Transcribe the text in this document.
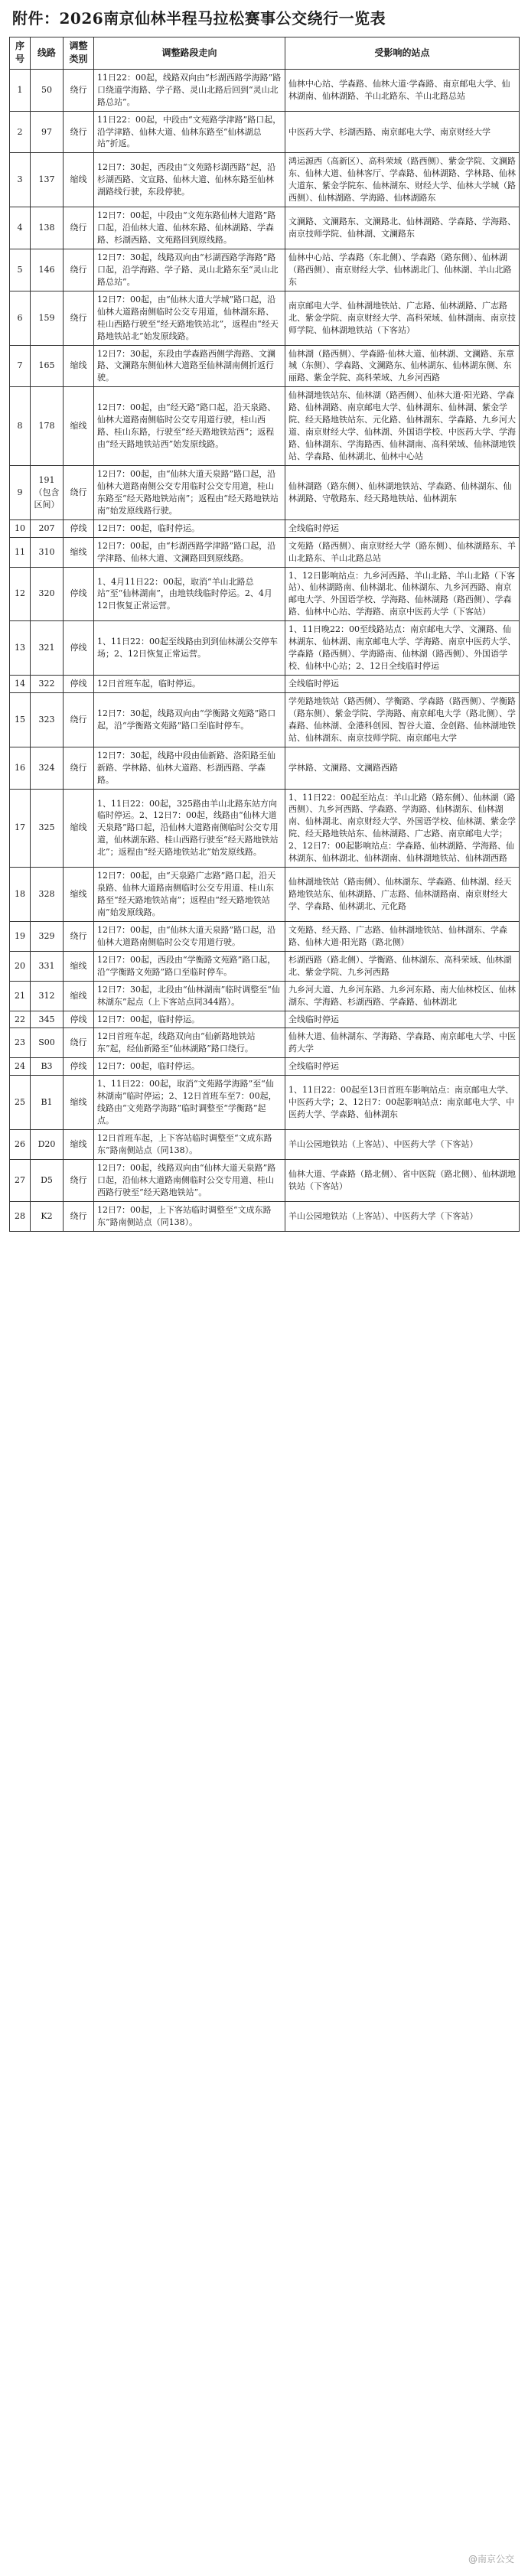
附件：2026南京仙林半程马拉松赛事公交绕行一览表
序号	线路	调整类别	调整路段走向	受影响的站点
1	50	绕行	11日22：00起，线路双向由“杉湖西路学海路”路口绕道学海路、学子路、灵山北路后回到“灵山北路总站”。	仙林中心站、学森路、仙林大道·学森路、南京邮电大学、仙林湖南、仙林湖路、羊山北路东、羊山北路总站
2	97	绕行	11日22：00起，中段由“文苑路学津路”路口起，沿学津路、仙林大道、仙林东路至“仙林湖总站”折返。	中医药大学、杉湖西路、南京邮电大学、南京财经大学
3	137	缩线	12日7：30起，西段由“文苑路杉湖西路”起，沿杉湖西路、文宣路、仙林大道、仙林东路至仙林湖路线行驶，东段停驶。	鸿运源西（高新区）、高科荣域（路西侧）、紫金学院、文澜路东、仙林大道、仙林客厅、学森路、仙林湖路、学林路、仙林大道东、紫金学院东、仙林湖东、财经大学、仙林大学城（路西侧）、仙林湖路、学海路、仙林湖路东
4	138	绕行	12日7：00起，中段由“文苑东路仙林大道路”路口起，沿仙林大道、仙林东路、仙林湖路、学森路、杉湖西路、文苑路回到原线路。	文澜路、文澜路东、文澜路北、仙林湖路、学森路、学海路、南京技师学院、仙林湖、文澜路东
5	146	绕行	12日7：30起，线路双向由“杉湖西路学海路”路口起，沿学海路、学子路、灵山北路东至“灵山北路总站”。	仙林中心站、学森路（东北侧）、学森路（路东侧）、仙林湖（路西侧）、南京财经大学、仙林湖北门、仙林湖、羊山北路东
6	159	绕行	12日7：00起，由“仙林大道大学城”路口起，沿仙林大道路南侧临时公交专用道，仙林湖东路、桂山西路行驶至“经天路地铁站北”，返程由“经天路地铁站北”始发原线路。	南京邮电大学、仙林湖地铁站、广志路、仙林湖路、广志路北、紫金学院、南京财经大学、高科荣域、仙林湖南、南京技师学院、仙林湖地铁站（下客站）
7	165	缩线	12日7：30起，东段由学森路西侧学海路、文澜路、文澜路东侧仙林大道路至仙林湖南侧折返行驶。	仙林湖（路西侧）、学森路·仙林大道、仙林湖、文澜路、东章城（东侧）、学森路、文澜路东、仙林湖东、仙林湖东侧、东丽路、紫金学院、高科荣域、九乡河西路
8	178	缩线	12日7：00起，由“经天路”路口起，沿天泉路、仙林大道路南侧临时公交专用道行驶，桂山西路、桂山东路，行驶至“经天路地铁站西”；返程由“经天路地铁站西”始发原线路。	仙林湖地铁站东、仙林湖（路西侧）、仙林大道·阳光路、学森路、仙林湖路、南京邮电大学、仙林湖东、仙林湖、紫金学院、经天路地铁站东、元化路、仙林湖东、学森路、九乡河大道、南京财经大学、仙林湖、外国语学校、中医药大学、学海路、仙林湖东、学海路西、仙林湖南、高科荣域、仙林湖地铁站、学森路、仙林湖北、仙林中心站
9	191（包含区间）	绕行	12日7：00起，由“仙林大道天泉路”路口起，沿仙林大道路南侧公交专用临时公交专用道，桂山东路至“经天路地铁站南”；返程由“经天路地铁站南”始发原线路行驶。	仙林湖路（路东侧）、仙林湖地铁站、学森路、仙林湖东、仙林湖路、守敬路东、经天路地铁站、仙林湖东
10	207	停线	12日7：00起，临时停运。	全线临时停运
11	310	缩线	12日7：00起，由“杉湖西路学津路”路口起，沿学津路、仙林大道、文澜路回到原线路。	文苑路（路西侧）、南京财经大学（路东侧）、仙林湖路东、羊山北路东、羊山北路总站
12	320	停线	1、4月11日22：00起，取消“羊山北路总站”至“仙林湖南”，由地铁线临时停运。2、4月12日恢复正常运营。	1、12日影响站点：九乡河西路、羊山北路、羊山北路（下客站）、仙林湖路南、仙林湖北、仙林湖东、九乡河西路、南京邮电大学、外国语学校、学海路、仙林湖路（路西侧）、学森路、仙林中心站、学海路、南京中医药大学（下客站）
13	321	停线	1、11日22：00起至线路由到到仙林湖公交停车场；2、12日恢复正常运营。	1、11日晚22：00至线路站点：南京邮电大学、文澜路、仙林湖东、仙林湖、南京邮电大学、学海路、南京中医药大学、学森路（路西侧）、学海路南、仙林湖（路西侧）、外国语学校、仙林中心站；2、12日全线临时停运
14	322	停线	12日首班车起，临时停运。	全线临时停运
15	323	绕行	12日7：30起，线路双向由“学衡路文苑路”路口起，沿“学衡路文苑路”路口至临时停车。	学苑路地铁站（路西侧）、学衡路、学森路（路西侧）、学衡路（路东侧）、紫金学院、学海路、南京邮电大学（路北侧）、学森路、仙林湖、金港科创园、智谷大道、金创路、仙林湖地铁站、仙林湖东、南京技师学院、南京邮电大学
16	324	绕行	12日7：30起，线路中段由仙新路、洛阳路至仙新路、学林路、仙林大道路、杉湖西路、学森路。	学林路、文澜路、文澜路西路
17	325	缩线	1、11日22：00起，325路由羊山北路东站方向临时停运。2、12日7：00起，线路由“仙林大道天泉路”路口起，沿仙林大道路南侧临时公交专用道，仙林湖东路、桂山西路行驶至“经天路地铁站北”；返程由“经天路地铁站北”始发原线路。	1、11日22：00起至站点：羊山北路（路东侧）、仙林湖（路西侧）、九乡河西路、学森路、学海路、仙林湖东、仙林湖南、仙林湖北、南京财经大学、外国语学校、仙林湖、紫金学院、经天路地铁站东、仙林湖路、广志路、南京邮电大学；2、12日7：00起影响站点：学森路、仙林湖路、学海路、仙林湖东、仙林湖北、仙林湖南、仙林湖地铁站、仙林湖西路
18	328	缩线	12日7：00起，由“天泉路广志路”路口起，沿天泉路、仙林大道路南侧临时公交专用道、桂山东路至“经天路地铁站南”；返程由“经天路地铁站南”始发原线路。	仙林湖地铁站（路南侧）、仙林湖东、学森路、仙林湖、经天路地铁站东、仙林湖路、广志路、仙林湖路南、南京财经大学、学森路、仙林湖北、元化路
19	329	绕行	12日7：00起，由“仙林大道天泉路”路口起，沿仙林大道路南侧临时公交专用道行驶。	文苑路、经天路、广志路、仙林湖地铁站、仙林湖东、学森路、仙林大道·阳光路（路北侧）
20	331	缩线	12日7：00起，西段由“学衡路文苑路”路口起，沿“学衡路文苑路”路口至临时停车。	杉湖西路（路北侧）、学衡路、仙林湖东、高科荣域、仙林湖北、紫金学院、九乡河西路
21	312	缩线	12日7：30起，北段由“仙林湖南”临时调整至“仙林湖东”起点（上下客站点同344路）。	九乡河大道、九乡河东路、九乡河东路、南大仙林校区、仙林湖东、学海路、杉湖西路、学森路、仙林湖北
22	345	停线	12日7：00起，临时停运。	全线临时停运
23	S00	绕行	12日首班车起，线路双向由“仙新路地铁站东”起，经仙新路至“仙林湖路”路口绕行。	仙林大道、仙林湖东、学海路、学森路、南京邮电大学、中医药大学
24	B3	停线	12日7：00起，临时停运。	全线临时停运
25	B1	缩线	1、11日22：00起，取消“文苑路学海路”至“仙林湖南”临时停运；2、12日首班车至7：00起，线路由“文苑路学海路”临时调整至“学衡路”起点。	1、11日22：00起至13日首班车影响站点：南京邮电大学、中医药大学；2、12日7：00起影响站点：南京邮电大学、中医药大学、学森路、仙林湖东
26	D20	缩线	12日首班车起，上下客站临时调整至“文成东路东”路南侧站点（同138）。	羊山公园地铁站（上客站）、中医药大学（下客站）
27	D5	绕行	12日7：00起，线路双向由“仙林大道天泉路”路口起，沿仙林大道路南侧临时公交专用道、桂山西路行驶至“经天路地铁站”。	仙林大道、学森路（路北侧）、省中医院（路北侧）、仙林湖地铁站（下客站）
28	K2	绕行	12日7：00起，上下客站临时调整至“文成东路东”路南侧站点（同138）。	羊山公园地铁站（上客站）、中医药大学（下客站）
@南京公交
